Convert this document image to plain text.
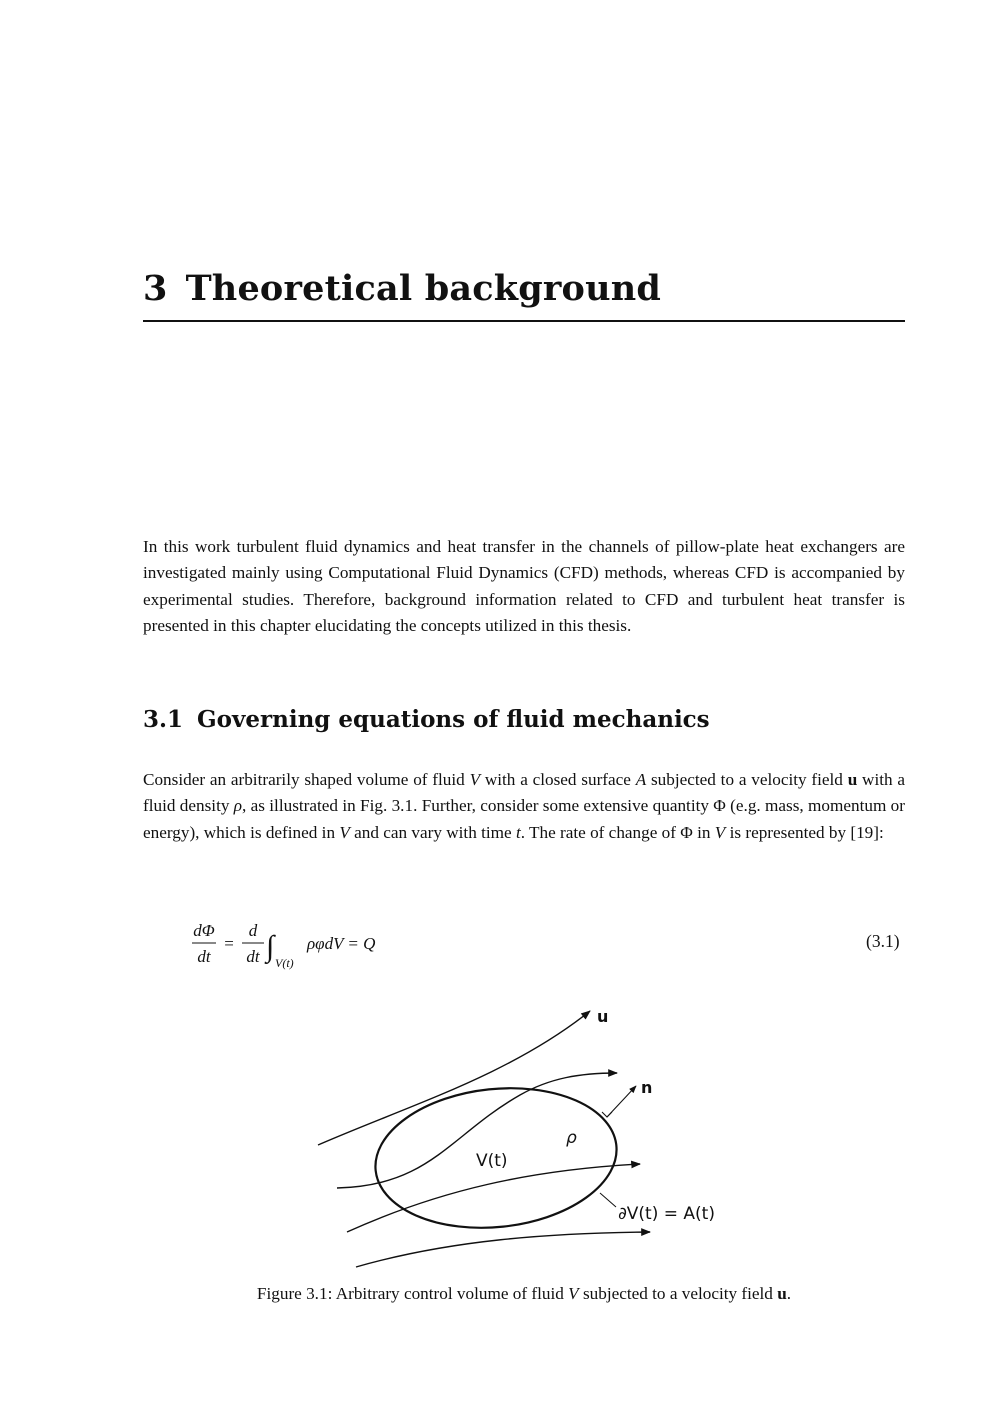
3 Theoretical background

In this work turbulent fluid dynamics and heat transfer in the channels of pillow-plate heat exchangers are investigated mainly using Computational Fluid Dynamics (CFD) methods, whereas CFD is accompanied by experimental studies. Therefore, background information related to CFD and turbulent heat transfer is presented in this chapter elucidating the concepts utilized in this thesis.

3.1 Governing equations of fluid mechanics

Consider an arbitrarily shaped volume of fluid V with a closed surface A subjected to a velocity field u with a fluid density ρ, as illustrated in Fig. 3.1. Further, consider some extensive quantity Φ (e.g. mass, momentum or energy), which is defined in V and can vary with time t. The rate of change of Φ in V is represented by [19]:

dΦ
dt
=
d
dt ∫ V(t)
ρφdV = Q	(3.1)
u
n
ρ
V(t)
∂V(t) = A(t)
Figure 3.1: Arbitrary control volume of fluid V subjected to a velocity field u.
